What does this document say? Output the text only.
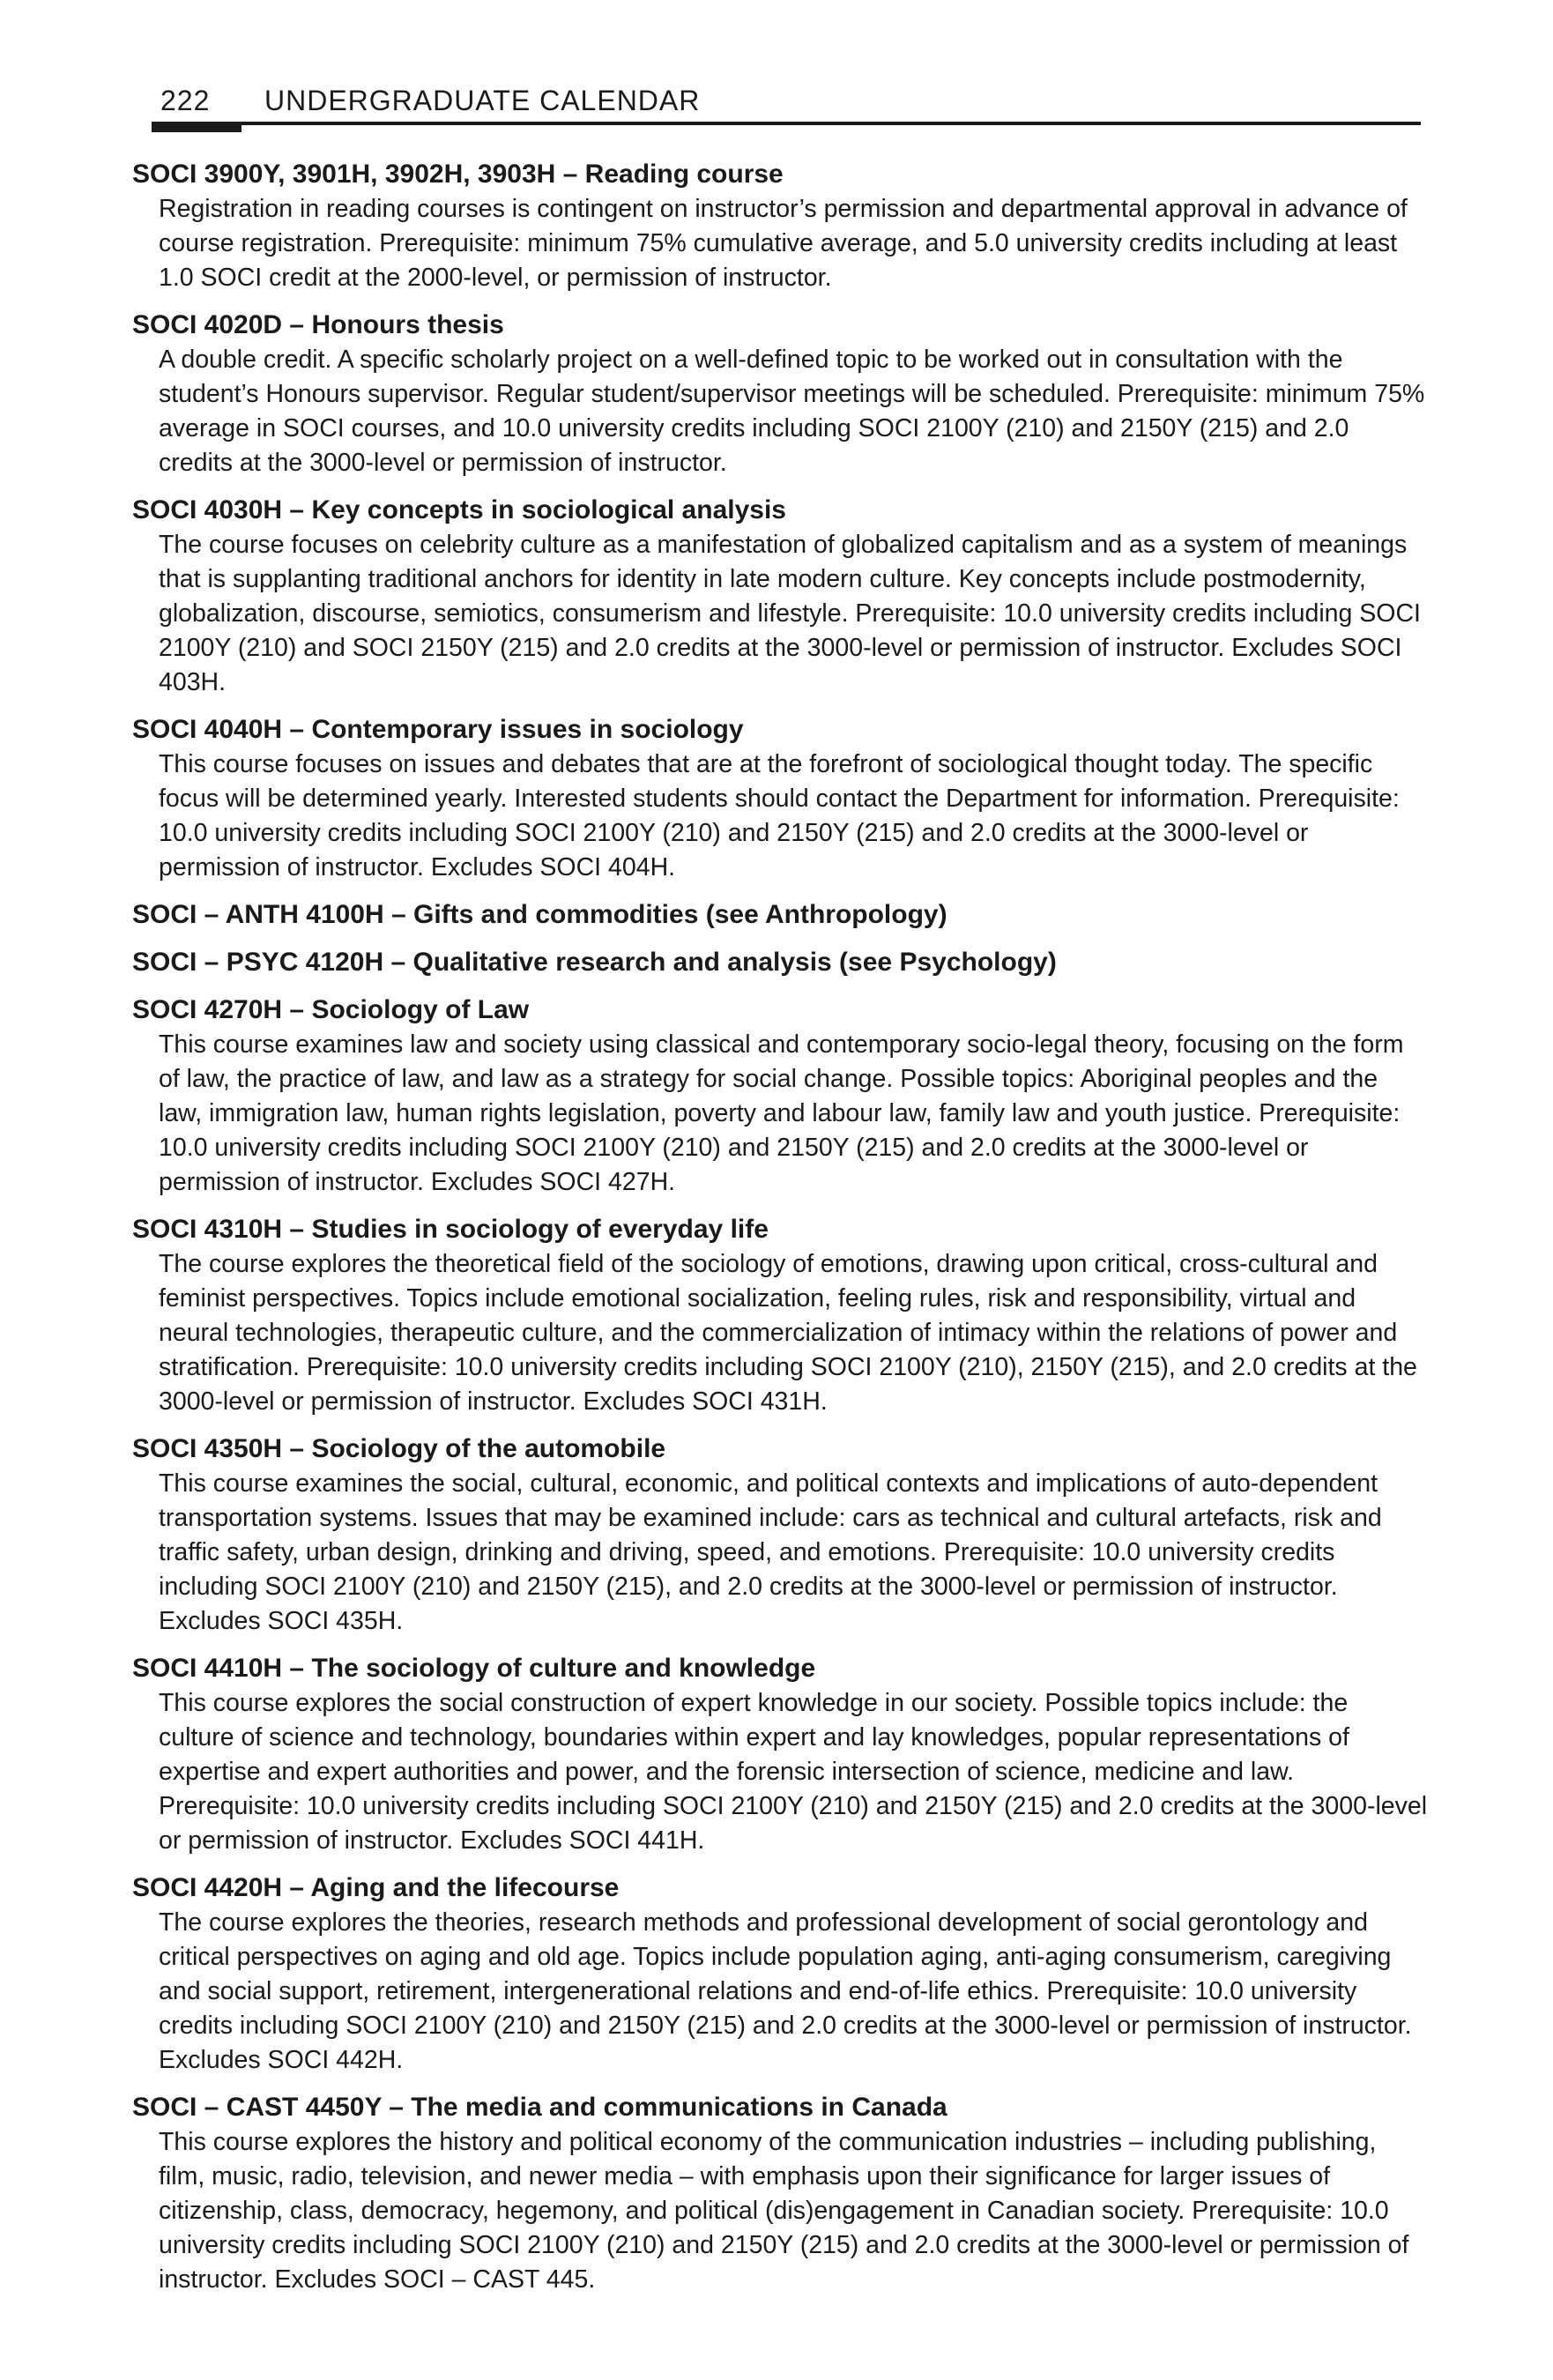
222 UNDERGRADUATE CALENDAR

SOCI 3900Y, 3901H, 3902H, 3903H – Reading course

Registration in reading courses is contingent on instructor’s permission and departmental approval in advance of course registration. Prerequisite: minimum 75% cumulative average, and 5.0 university credits including at least 1.0 SOCI credit at the 2000-level, or permission of instructor.

SOCI 4020D – Honours thesis

A double credit. A specific scholarly project on a well-defined topic to be worked out in consultation with the student’s Honours supervisor. Regular student/supervisor meetings will be scheduled. Prerequisite: minimum 75% average in SOCI courses, and 10.0 university credits including SOCI 2100Y (210) and 2150Y (215) and 2.0 credits at the 3000-level or permission of instructor.

SOCI 4030H – Key concepts in sociological analysis

The course focuses on celebrity culture as a manifestation of globalized capitalism and as a system of meanings that is supplanting traditional anchors for identity in late modern culture. Key concepts include postmodernity, globalization, discourse, semiotics, consumerism and lifestyle. Prerequisite: 10.0 university credits including SOCI 2100Y (210) and SOCI 2150Y (215) and 2.0 credits at the 3000-level or permission of instructor. Excludes SOCI 403H.

SOCI 4040H – Contemporary issues in sociology

This course focuses on issues and debates that are at the forefront of sociological thought today. The specific focus will be determined yearly. Interested students should contact the Department for information. Prerequisite: 10.0 university credits including SOCI 2100Y (210) and 2150Y (215) and 2.0 credits at the 3000-level or permission of instructor. Excludes SOCI 404H.

SOCI – ANTH 4100H – Gifts and commodities (see Anthropology)

SOCI – PSYC 4120H – Qualitative research and analysis (see Psychology)

SOCI 4270H – Sociology of Law

This course examines law and society using classical and contemporary socio-legal theory, focusing on the form of law, the practice of law, and law as a strategy for social change. Possible topics: Aboriginal peoples and the law, immigration law, human rights legislation, poverty and labour law, family law and youth justice. Prerequisite: 10.0 university credits including SOCI 2100Y (210) and 2150Y (215) and 2.0 credits at the 3000-level or permission of instructor. Excludes SOCI 427H.

SOCI 4310H – Studies in sociology of everyday life

The course explores the theoretical field of the sociology of emotions, drawing upon critical, cross-cultural and feminist perspectives. Topics include emotional socialization, feeling rules, risk and responsibility, virtual and neural technologies, therapeutic culture, and the commercialization of intimacy within the relations of power and stratification. Prerequisite: 10.0 university credits including SOCI 2100Y (210), 2150Y (215), and 2.0 credits at the 3000-level or permission of instructor. Excludes SOCI 431H.

SOCI 4350H – Sociology of the automobile

This course examines the social, cultural, economic, and political contexts and implications of auto-dependent transportation systems. Issues that may be examined include: cars as technical and cultural artefacts, risk and traffic safety, urban design, drinking and driving, speed, and emotions. Prerequisite: 10.0 university credits including SOCI 2100Y (210) and 2150Y (215), and 2.0 credits at the 3000-level or permission of instructor. Excludes SOCI 435H.

SOCI 4410H – The sociology of culture and knowledge

This course explores the social construction of expert knowledge in our society. Possible topics include: the culture of science and technology, boundaries within expert and lay knowledges, popular representations of expertise and expert authorities and power, and the forensic intersection of science, medicine and law. Prerequisite: 10.0 university credits including SOCI 2100Y (210) and 2150Y (215) and 2.0 credits at the 3000-level or permission of instructor. Excludes SOCI 441H.

SOCI 4420H – Aging and the lifecourse

The course explores the theories, research methods and professional development of social gerontology and critical perspectives on aging and old age. Topics include population aging, anti-aging consumerism, caregiving and social support, retirement, intergenerational relations and end-of-life ethics. Prerequisite: 10.0 university credits including SOCI 2100Y (210) and 2150Y (215) and 2.0 credits at the 3000-level or permission of instructor. Excludes SOCI 442H.

SOCI – CAST 4450Y – The media and communications in Canada

This course explores the history and political economy of the communication industries – including publishing, film, music, radio, television, and newer media – with emphasis upon their significance for larger issues of citizenship, class, democracy, hegemony, and political (dis)engagement in Canadian society. Prerequisite: 10.0 university credits including SOCI 2100Y (210) and 2150Y (215) and 2.0 credits at the 3000-level or permission of instructor. Excludes SOCI – CAST 445.
